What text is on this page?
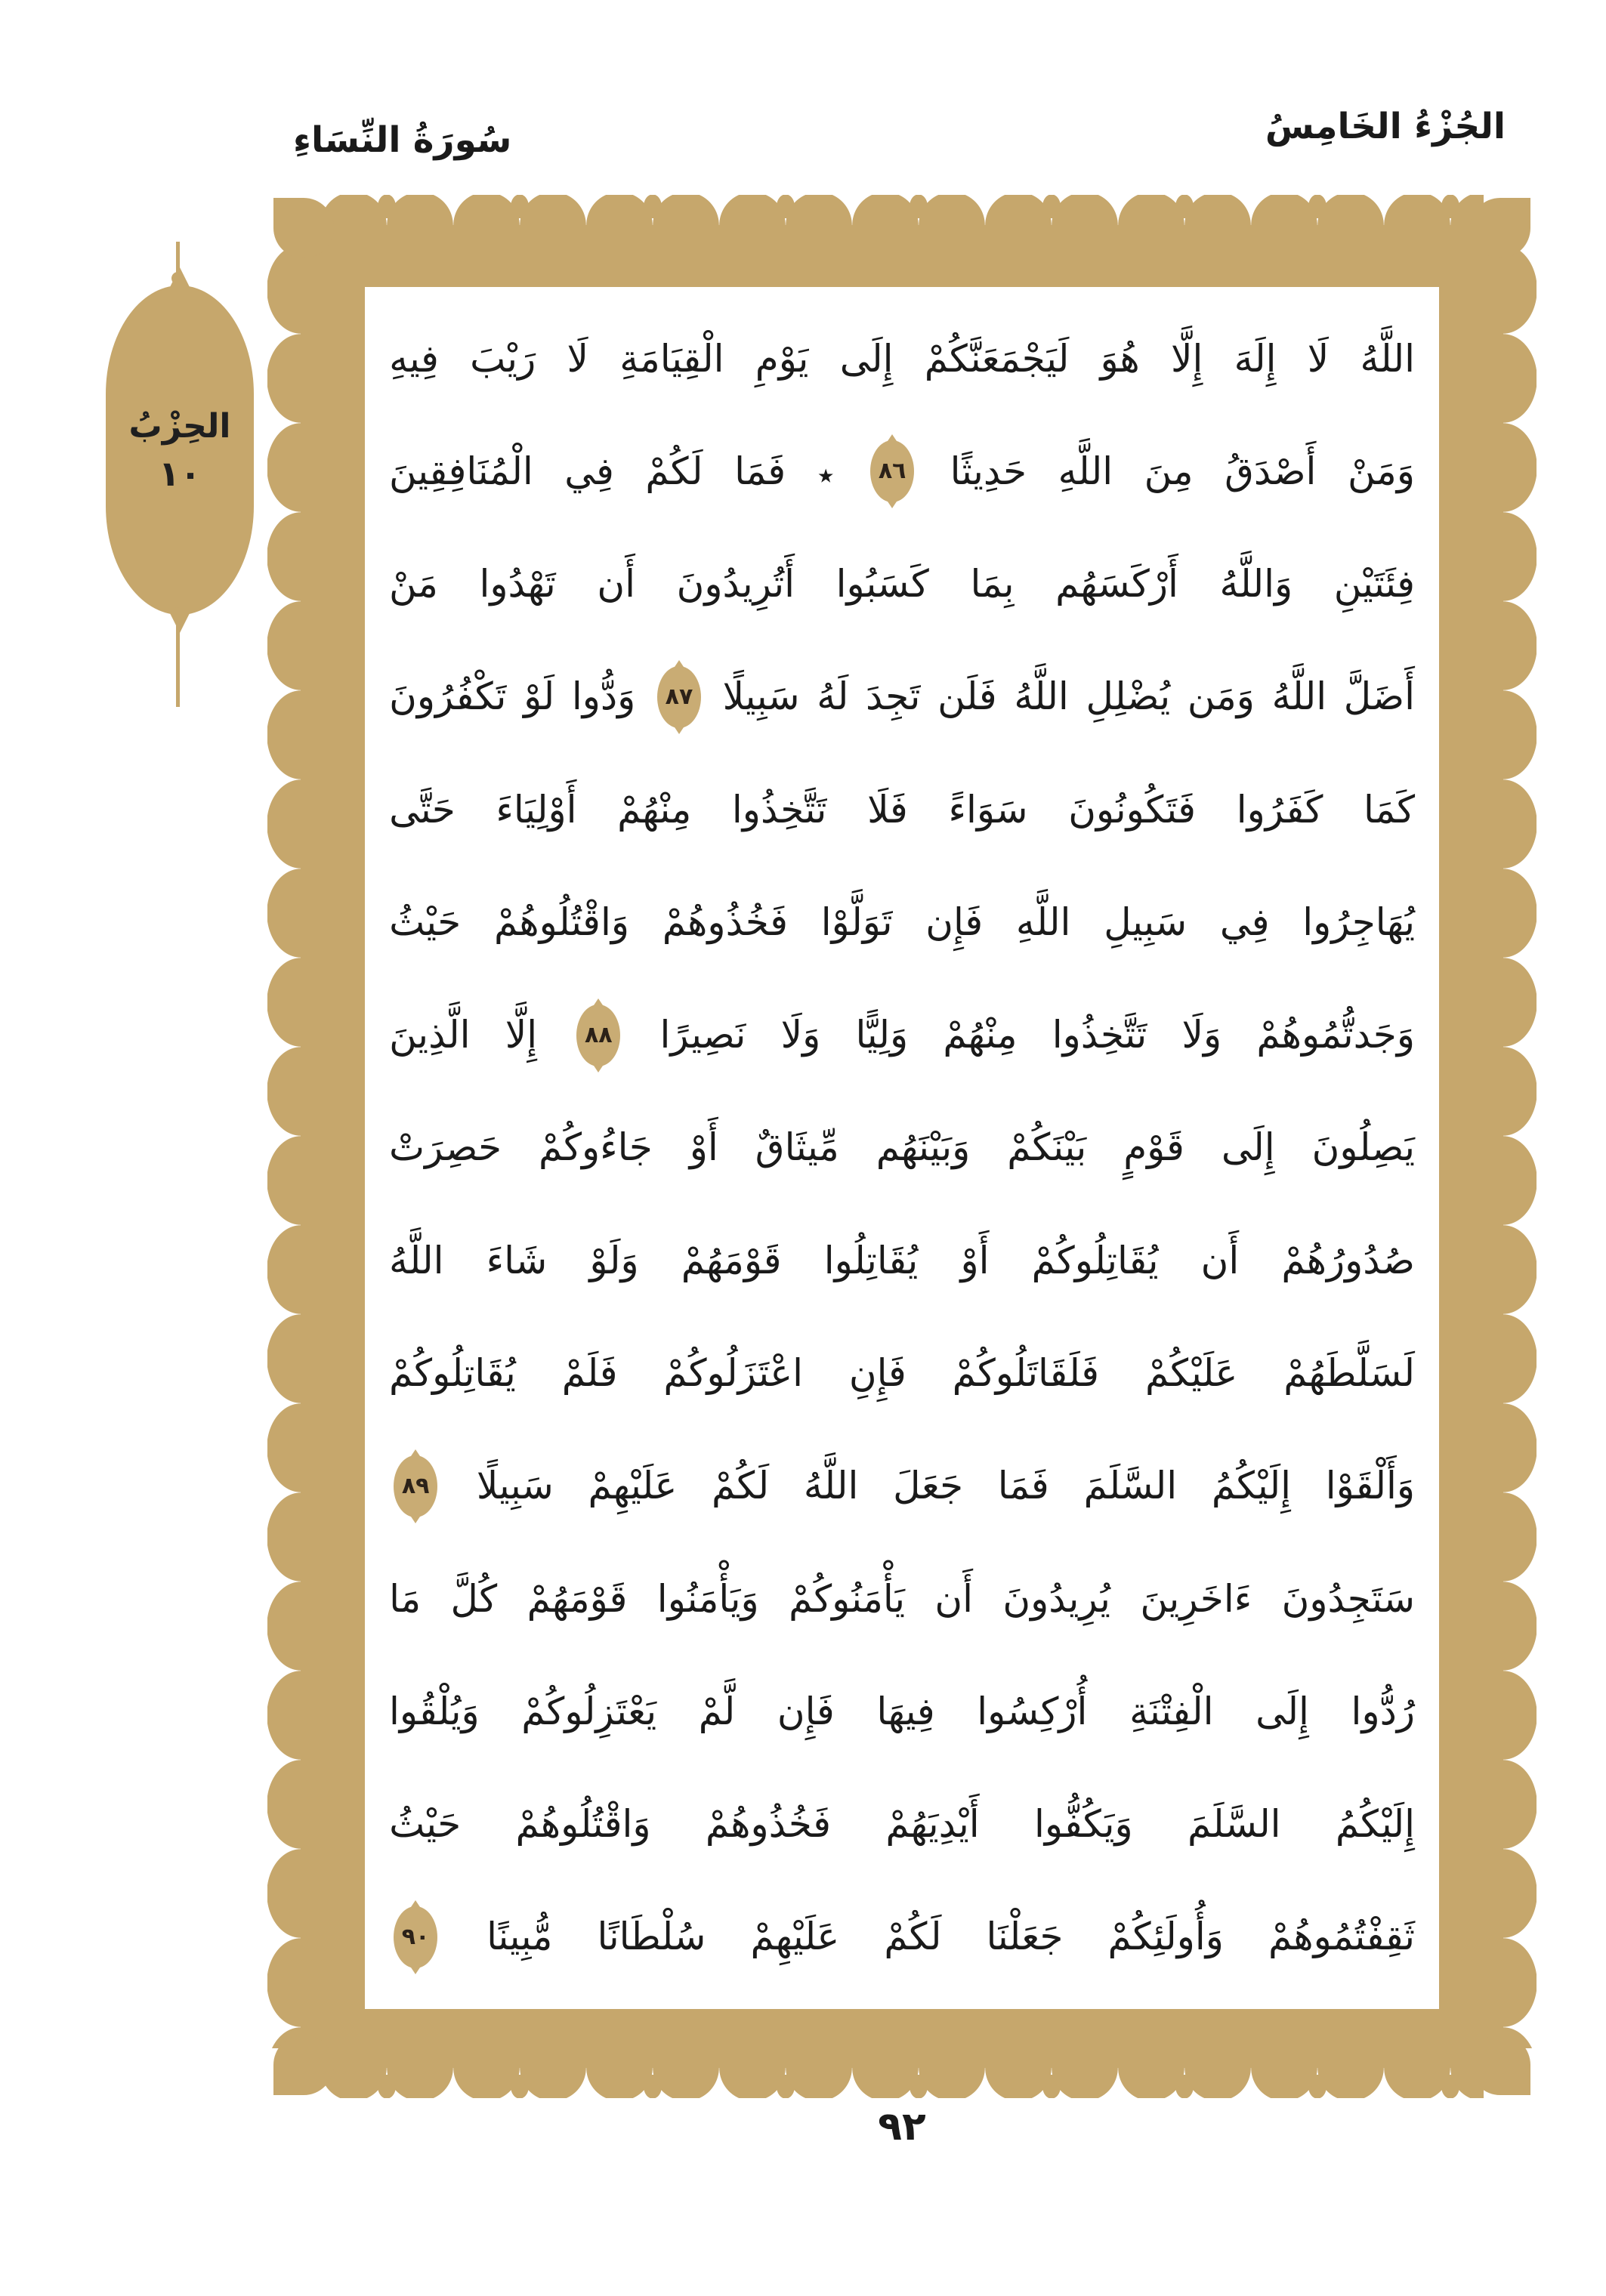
الجُزْءُ الخَامِسُ
سُورَةُ النِّسَاءِ
الحِزْبُ
١٠
اللَّهُ
لَا
إِلَهَ
إِلَّا
هُوَ
لَيَجْمَعَنَّكُمْ
إِلَى
يَوْمِ
الْقِيَامَةِ
لَا
رَيْبَ
فِيهِ
وَمَنْ
أَصْدَقُ
مِنَ
اللَّهِ
حَدِيثًا
٨٦
٭
فَمَا
لَكُمْ
فِي
الْمُنَافِقِينَ
فِئَتَيْنِ
وَاللَّهُ
أَرْكَسَهُم
بِمَا
كَسَبُوا
أَتُرِيدُونَ
أَن
تَهْدُوا
مَنْ
أَضَلَّ
اللَّهُ
وَمَن
يُضْلِلِ
اللَّهُ
فَلَن
تَجِدَ
لَهُ
سَبِيلًا
٨٧
وَدُّوا
لَوْ
تَكْفُرُونَ
كَمَا
كَفَرُوا
فَتَكُونُونَ
سَوَاءً
فَلَا
تَتَّخِذُوا
مِنْهُمْ
أَوْلِيَاءَ
حَتَّى
يُهَاجِرُوا
فِي
سَبِيلِ
اللَّهِ
فَإِن
تَوَلَّوْا
فَخُذُوهُمْ
وَاقْتُلُوهُمْ
حَيْثُ
وَجَدتُّمُوهُمْ
وَلَا
تَتَّخِذُوا
مِنْهُمْ
وَلِيًّا
وَلَا
نَصِيرًا
٨٨
إِلَّا
الَّذِينَ
يَصِلُونَ
إِلَى
قَوْمٍ
بَيْنَكُمْ
وَبَيْنَهُم
مِّيثَاقٌ
أَوْ
جَاءُوكُمْ
حَصِرَتْ
صُدُورُهُمْ
أَن
يُقَاتِلُوكُمْ
أَوْ
يُقَاتِلُوا
قَوْمَهُمْ
وَلَوْ
شَاءَ
اللَّهُ
لَسَلَّطَهُمْ
عَلَيْكُمْ
فَلَقَاتَلُوكُمْ
فَإِنِ
اعْتَزَلُوكُمْ
فَلَمْ
يُقَاتِلُوكُمْ
وَأَلْقَوْا
إِلَيْكُمُ
السَّلَمَ
فَمَا
جَعَلَ
اللَّهُ
لَكُمْ
عَلَيْهِمْ
سَبِيلًا
٨٩
سَتَجِدُونَ
ءَاخَرِينَ
يُرِيدُونَ
أَن
يَأْمَنُوكُمْ
وَيَأْمَنُوا
قَوْمَهُمْ
كُلَّ
مَا
رُدُّوا
إِلَى
الْفِتْنَةِ
أُرْكِسُوا
فِيهَا
فَإِن
لَّمْ
يَعْتَزِلُوكُمْ
وَيُلْقُوا
إِلَيْكُمُ
السَّلَمَ
وَيَكُفُّوا
أَيْدِيَهُمْ
فَخُذُوهُمْ
وَاقْتُلُوهُمْ
حَيْثُ
ثَقِفْتُمُوهُمْ
وَأُولَئِكُمْ
جَعَلْنَا
لَكُمْ
عَلَيْهِمْ
سُلْطَانًا
مُّبِينًا
٩٠
٩٢
